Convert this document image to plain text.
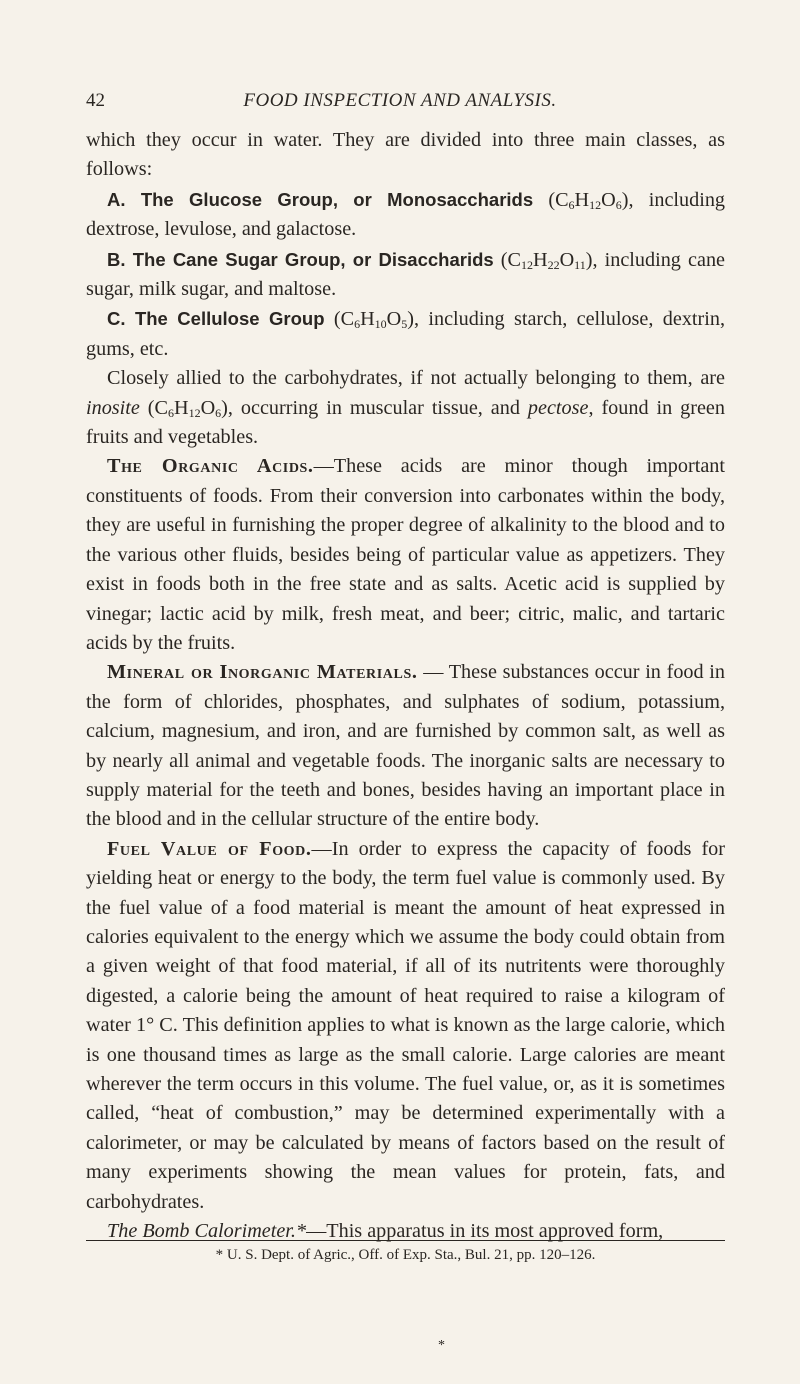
42	FOOD INSPECTION AND ANALYSIS.

which they occur in water. They are divided into three main classes, as follows:

A. The Glucose Group, or Monosaccharids $(C_6H_{12}O_6)$, including dextrose, levulose, and galactose.

B. The Cane Sugar Group, or Disaccharids $(C_{12}H_{22}O_{11})$, including cane sugar, milk sugar, and maltose.

C. The Cellulose Group $(C_6H_{10}O_5)$, including starch, cellulose, dextrin, gums, etc.

Closely allied to the carbohydrates, if not actually belonging to them, are inosite $(C_6H_{12}O_6)$, occurring in muscular tissue, and pectose, found in green fruits and vegetables.

The Organic Acids.—These acids are minor though important constituents of foods. From their conversion into carbonates within the body, they are useful in furnishing the proper degree of alkalinity to the blood and to the various other fluids, besides being of particular value as appetizers. They exist in foods both in the free state and as salts. Acetic acid is supplied by vinegar; lactic acid by milk, fresh meat, and beer; citric, malic, and tartaric acids by the fruits.

Mineral or Inorganic Materials. — These substances occur in food in the form of chlorides, phosphates, and sulphates of sodium, potassium, calcium, magnesium, and iron, and are furnished by common salt, as well as by nearly all animal and vegetable foods. The inorganic salts are necessary to supply material for the teeth and bones, besides having an important place in the blood and in the cellular structure of the entire body.

Fuel Value of Food.—In order to express the capacity of foods for yielding heat or energy to the body, the term fuel value is commonly used. By the fuel value of a food material is meant the amount of heat expressed in calories equivalent to the energy which we assume the body could obtain from a given weight of that food material, if all of its nutritents were thoroughly digested, a calorie being the amount of heat required to raise a kilogram of water 1° C. This definition applies to what is known as the large calorie, which is one thousand times as large as the small calorie. Large calories are meant wherever the term occurs in this volume. The fuel value, or, as it is sometimes called, “heat of combustion,” may be determined experimentally with a calorimeter, or may be calculated by means of factors based on the result of many experiments showing the mean values for protein, fats, and carbohydrates.

The Bomb Calorimeter.*—This apparatus in its most approved form,

* U. S. Dept. of Agric., Off. of Exp. Sta., Bul. 21, pp. 120–126.
*
